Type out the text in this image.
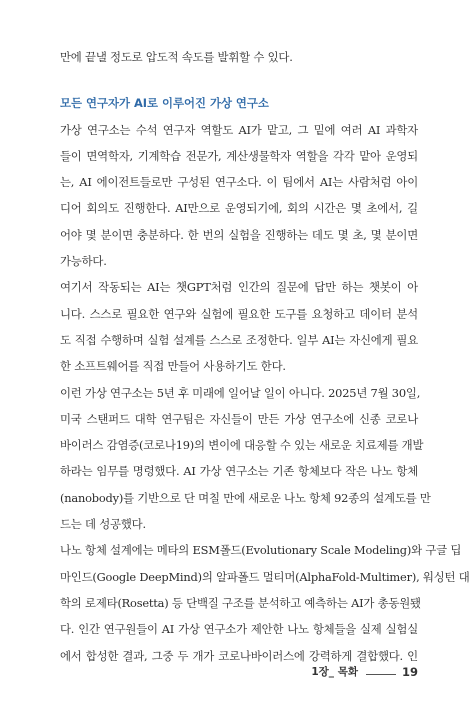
만에 끝낼 정도로 압도적 속도를 발휘할 수 있다.
모든 연구자가 AI로 이루어진 가상 연구소
가상 연구소는 수석 연구자 역할도 AI가 맡고, 그 밑에 여러 AI 과학자
들이 면역학자, 기계학습 전문가, 계산생물학자 역할을 각각 맡아 운영되
는, AI 에이전트들로만 구성된 연구소다. 이 팀에서 AI는 사람처럼 아이
디어 회의도 진행한다. AI만으로 운영되기에, 회의 시간은 몇 초에서, 길
어야 몇 분이면 충분하다. 한 번의 실험을 진행하는 데도 몇 초, 몇 분이면
가능하다.
여기서 작동되는 AI는 챗GPT처럼 인간의 질문에 답만 하는 챗봇이 아
니다. 스스로 필요한 연구와 실험에 필요한 도구를 요청하고 데이터 분석
도 직접 수행하며 실험 설계를 스스로 조정한다. 일부 AI는 자신에게 필요
한 소프트웨어를 직접 만들어 사용하기도 한다.
이런 가상 연구소는 5년 후 미래에 일어날 일이 아니다. 2025년 7월 30일,
미국 스탠퍼드 대학 연구팀은 자신들이 만든 가상 연구소에 신종 코로나
바이러스 감염증(코로나19)의 변이에 대응할 수 있는 새로운 치료제를 개발
하라는 임무를 명령했다. AI 가상 연구소는 기존 항체보다 작은 나노 항체
(nanobody)를 기반으로 단 며칠 만에 새로운 나노 항체 92종의 설계도를 만
드는 데 성공했다.
나노 항체 설계에는 메타의 ESM폴드(Evolutionary Scale Modeling)와 구글 딥
마인드(Google DeepMind)의 알파폴드 멀티머(AlphaFold-Multimer), 워싱턴 대
학의 로제타(Rosetta) 등 단백질 구조를 분석하고 예측하는 AI가 총동원됐
다. 인간 연구원들이 AI 가상 연구소가 제안한 나노 항체들을 실제 실험실
에서 합성한 결과, 그중 두 개가 코로나바이러스에 강력하게 결합했다. 인
1장_ 목화	19
